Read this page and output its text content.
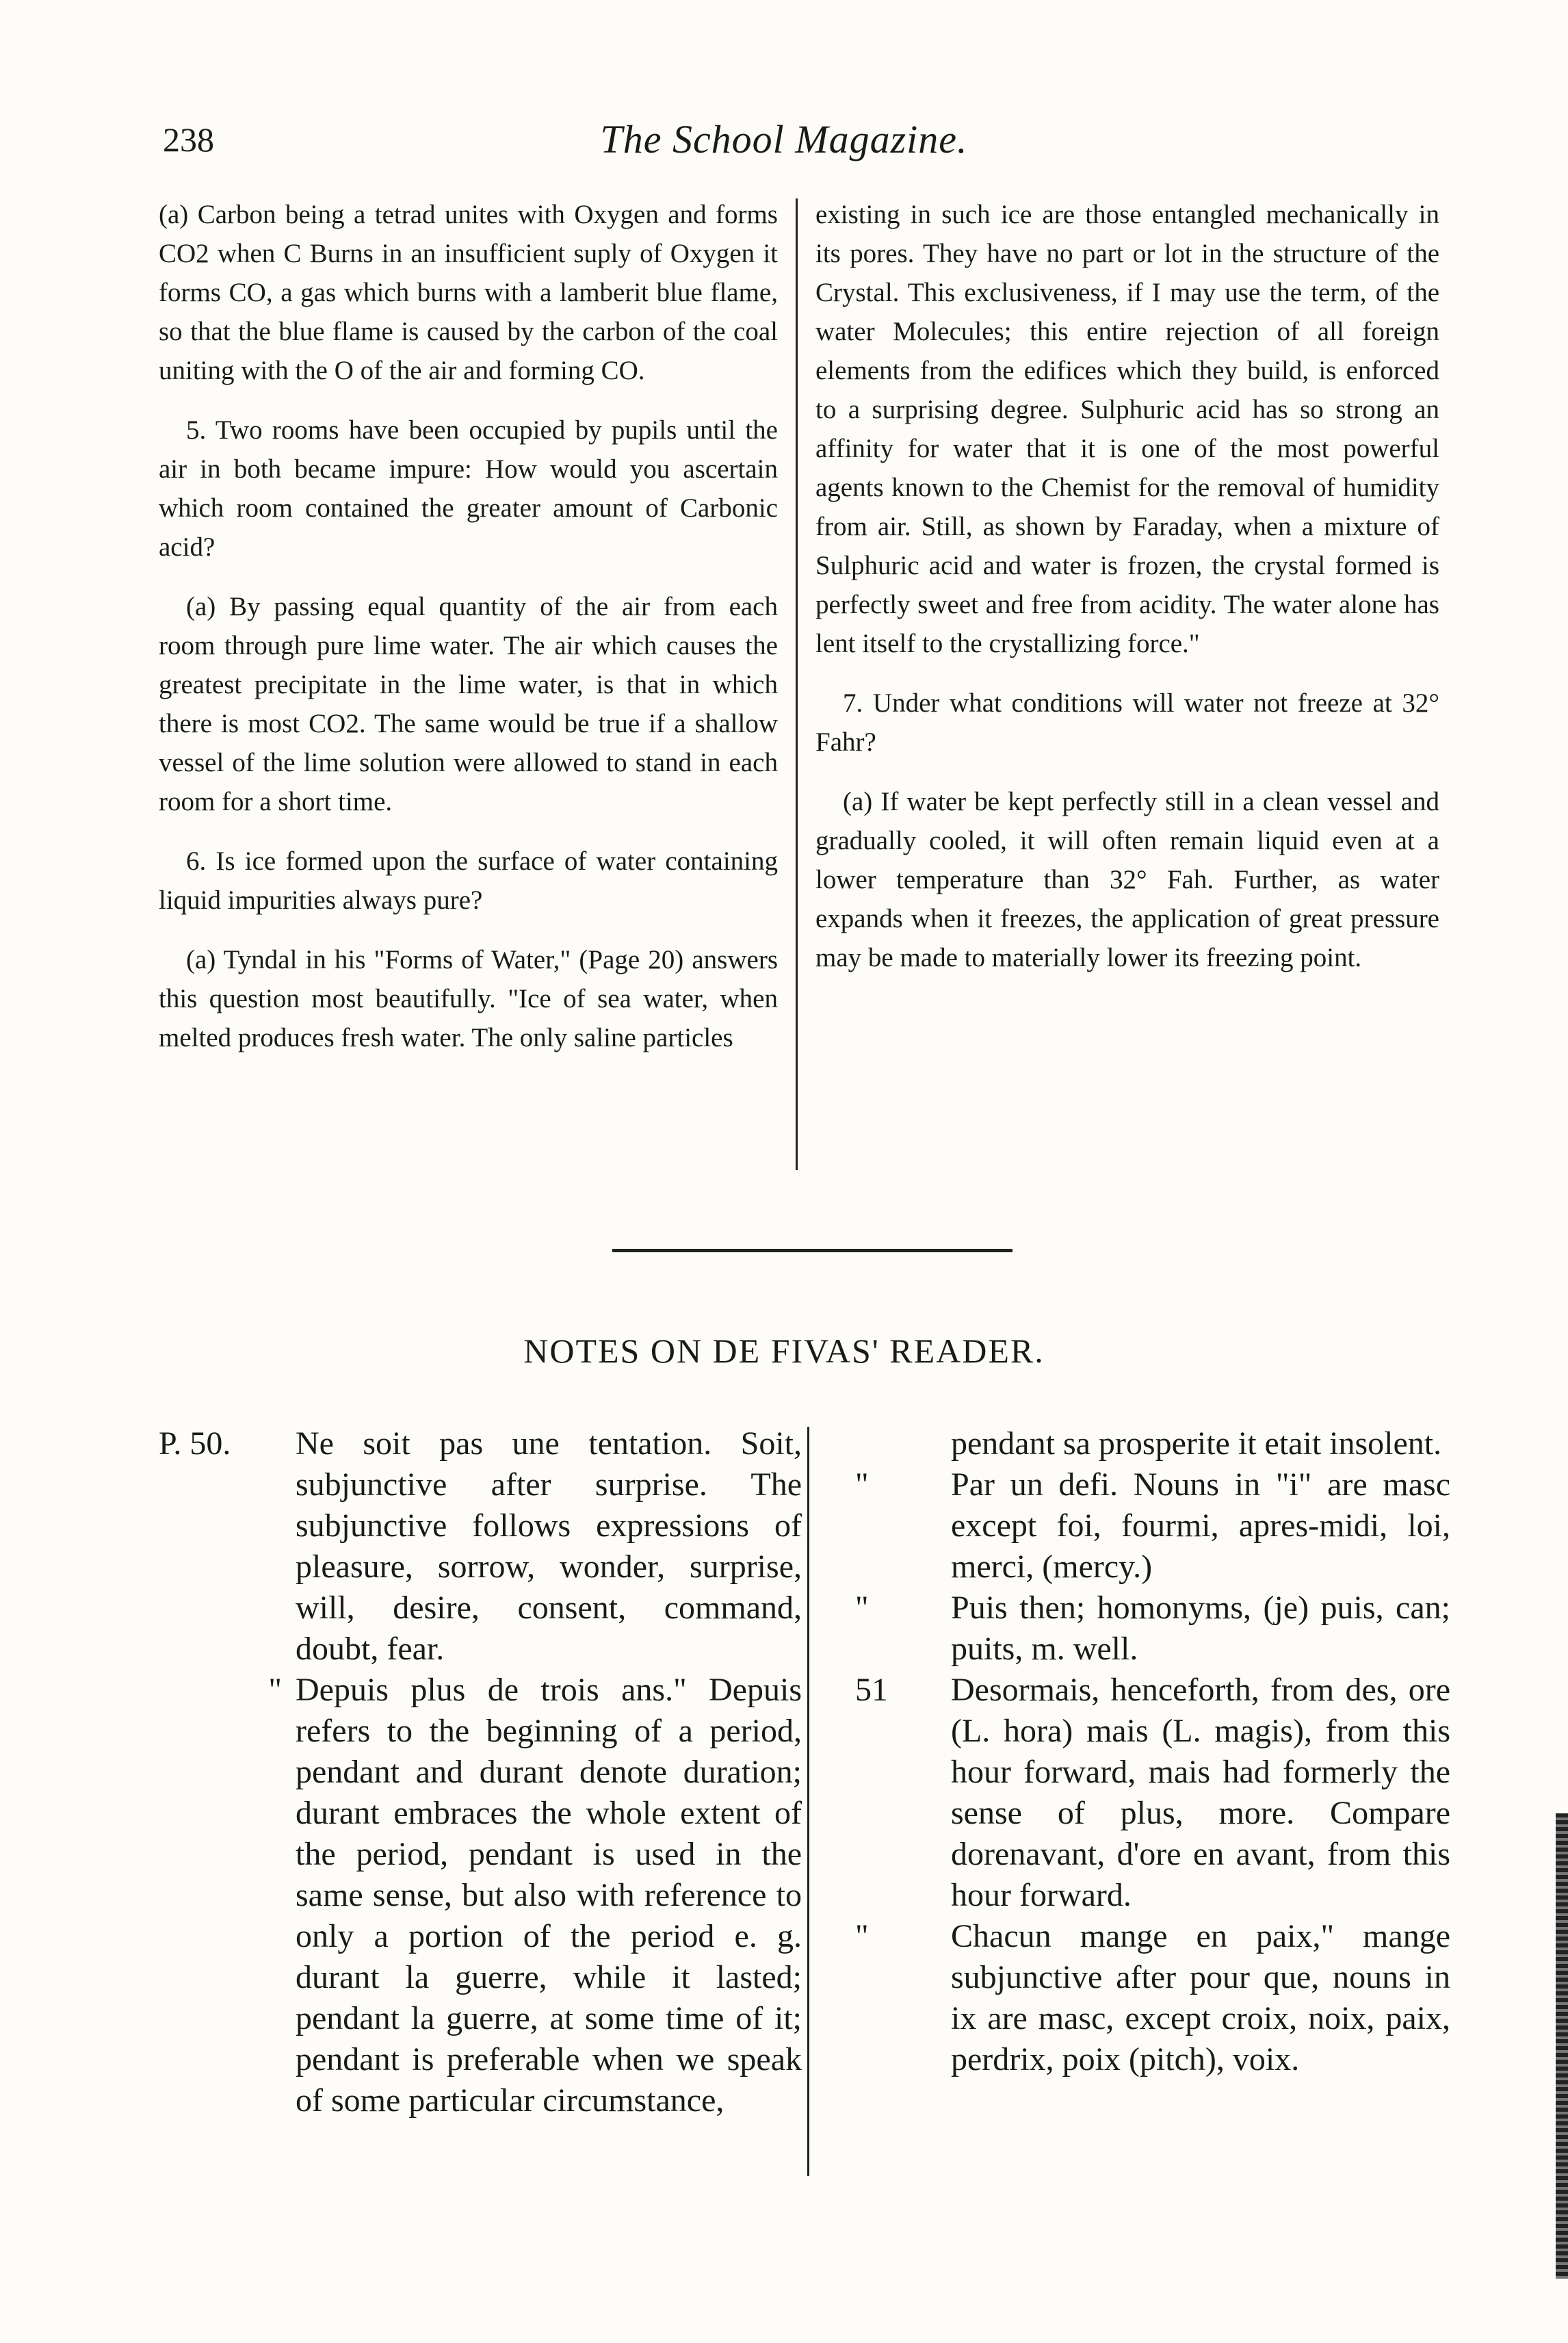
238	The School Magazine.

(a) Carbon being a tetrad unites with Oxygen and forms CO2 when C Burns in an insufficient suply of Oxygen it forms CO, a gas which burns with a lamberit blue flame, so that the blue flame is caused by the carbon of the coal uniting with the O of the air and forming CO.

5. Two rooms have been occupied by pupils until the air in both became impure: How would you ascertain which room contained the greater amount of Carbonic acid?

(a) By passing equal quantity of the air from each room through pure lime water. The air which causes the greatest precipitate in the lime water, is that in which there is most CO2. The same would be true if a shallow vessel of the lime solution were allowed to stand in each room for a short time.

6. Is ice formed upon the surface of water containing liquid impurities always pure?

(a) Tyndal in his "Forms of Water," (Page 20) answers this question most beautifully. "Ice of sea water, when melted produces fresh water. The only saline particles

existing in such ice are those entangled mechanically in its pores. They have no part or lot in the structure of the Crystal. This exclusiveness, if I may use the term, of the water Molecules; this entire rejection of all foreign elements from the edifices which they build, is enforced to a surprising degree. Sulphuric acid has so strong an affinity for water that it is one of the most powerful agents known to the Chemist for the removal of humidity from air. Still, as shown by Faraday, when a mixture of Sulphuric acid and water is frozen, the crystal formed is perfectly sweet and free from acidity. The water alone has lent itself to the crystallizing force."

7. Under what conditions will water not freeze at 32° Fahr?

(a) If water be kept perfectly still in a clean vessel and gradually cooled, it will often remain liquid even at a lower temperature than 32° Fah. Further, as water expands when it freezes, the application of great pressure may be made to materially lower its freezing point.

NOTES ON DE FIVAS' READER.
P. 50.	Ne soit pas une tentation. Soit, subjunctive after surprise. The subjunctive follows expressions of pleasure, sorrow, wonder, surprise, will, desire, consent, command, doubt, fear.
" Depuis plus de trois ans." Depuis refers to the beginning of a period, pendant and durant denote duration; durant embraces the whole extent of the period, pendant is used in the same sense, but also with reference to only a portion of the period e. g. durant la guerre, while it lasted; pendant la guerre, at some time of it; pendant is preferable when we speak of some particular circumstance,
pendant sa prosperite it etait insolent.
"	Par un defi. Nouns in "i" are masc except foi, fourmi, apres-midi, loi, merci, (mercy.)
"	Puis then; homonyms, (je) puis, can; puits, m. well.
51	Desormais, henceforth, from des, ore (L. hora) mais (L. magis), from this hour forward, mais had formerly the sense of plus, more. Compare dorenavant, d'ore en avant, from this hour forward.
"	Chacun mange en paix," mange subjunctive after pour que, nouns in ix are masc, except croix, noix, paix, perdrix, poix (pitch), voix.
